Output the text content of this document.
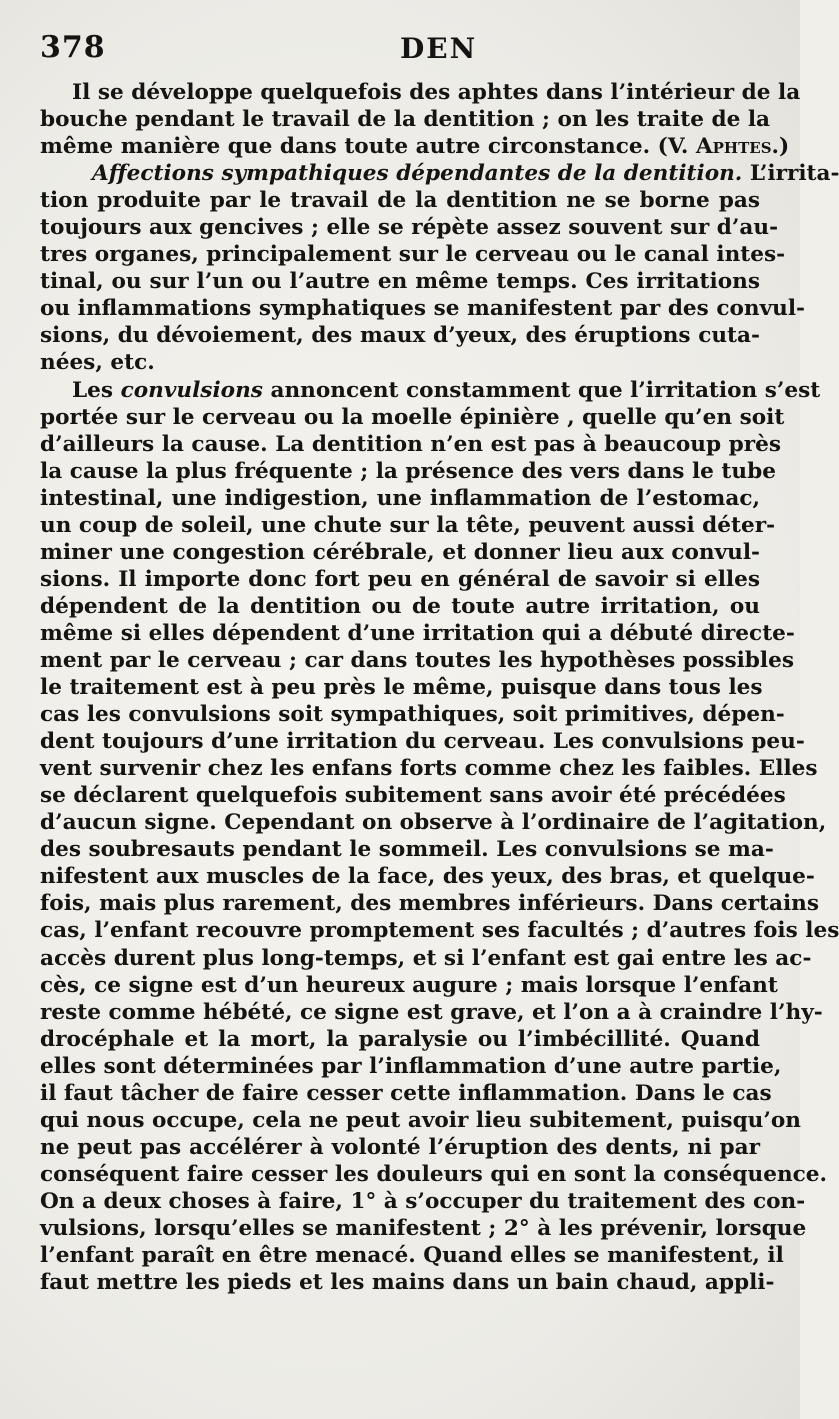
378	DEN
Il se développe quelquefois des aphtes dans l’intérieur de la
bouche pendant le travail de la dentition ; on les traite de la
même manière que dans toute autre circonstance. (V. Aphtes.)
Affections sympathiques dépendantes de la dentition. L’irrita-
tion produite par le travail de la dentition ne se borne pas
toujours aux gencives ; elle se répète assez souvent sur d’au-
tres organes, principalement sur le cerveau ou le canal intes-
tinal, ou sur l’un ou l’autre en même temps. Ces irritations
ou inflammations symphatiques se manifestent par des convul-
sions, du dévoiement, des maux d’yeux, des éruptions cuta-
nées, etc.
Les convulsions annoncent constamment que l’irritation s’est
portée sur le cerveau ou la moelle épinière , quelle qu’en soit
d’ailleurs la cause. La dentition n’en est pas à beaucoup près
la cause la plus fréquente ; la présence des vers dans le tube
intestinal, une indigestion, une inflammation de l’estomac,
un coup de soleil, une chute sur la tête, peuvent aussi déter-
miner une congestion cérébrale, et donner lieu aux convul-
sions. Il importe donc fort peu en général de savoir si elles
dépendent de la dentition ou de toute autre irritation, ou
même si elles dépendent d’une irritation qui a débuté directe-
ment par le cerveau ; car dans toutes les hypothèses possibles
le traitement est à peu près le même, puisque dans tous les
cas les convulsions soit sympathiques, soit primitives, dépen-
dent toujours d’une irritation du cerveau. Les convulsions peu-
vent survenir chez les enfans forts comme chez les faibles. Elles
se déclarent quelquefois subitement sans avoir été précédées
d’aucun signe. Cependant on observe à l’ordinaire de l’agitation,
des soubresauts pendant le sommeil. Les convulsions se ma-
nifestent aux muscles de la face, des yeux, des bras, et quelque-
fois, mais plus rarement, des membres inférieurs. Dans certains
cas, l’enfant recouvre promptement ses facultés ; d’autres fois les
accès durent plus long-temps, et si l’enfant est gai entre les ac-
cès, ce signe est d’un heureux augure ; mais lorsque l’enfant
reste comme hébété, ce signe est grave, et l’on a à craindre l’hy-
drocéphale et la mort, la paralysie ou l’imbécillité. Quand
elles sont déterminées par l’inflammation d’une autre partie,
il faut tâcher de faire cesser cette inflammation. Dans le cas
qui nous occupe, cela ne peut avoir lieu subitement, puisqu’on
ne peut pas accélérer à volonté l’éruption des dents, ni par
conséquent faire cesser les douleurs qui en sont la conséquence.
On a deux choses à faire, 1° à s’occuper du traitement des con-
vulsions, lorsqu’elles se manifestent ; 2° à les prévenir, lorsque
l’enfant paraît en être menacé. Quand elles se manifestent, il
faut mettre les pieds et les mains dans un bain chaud, appli-
